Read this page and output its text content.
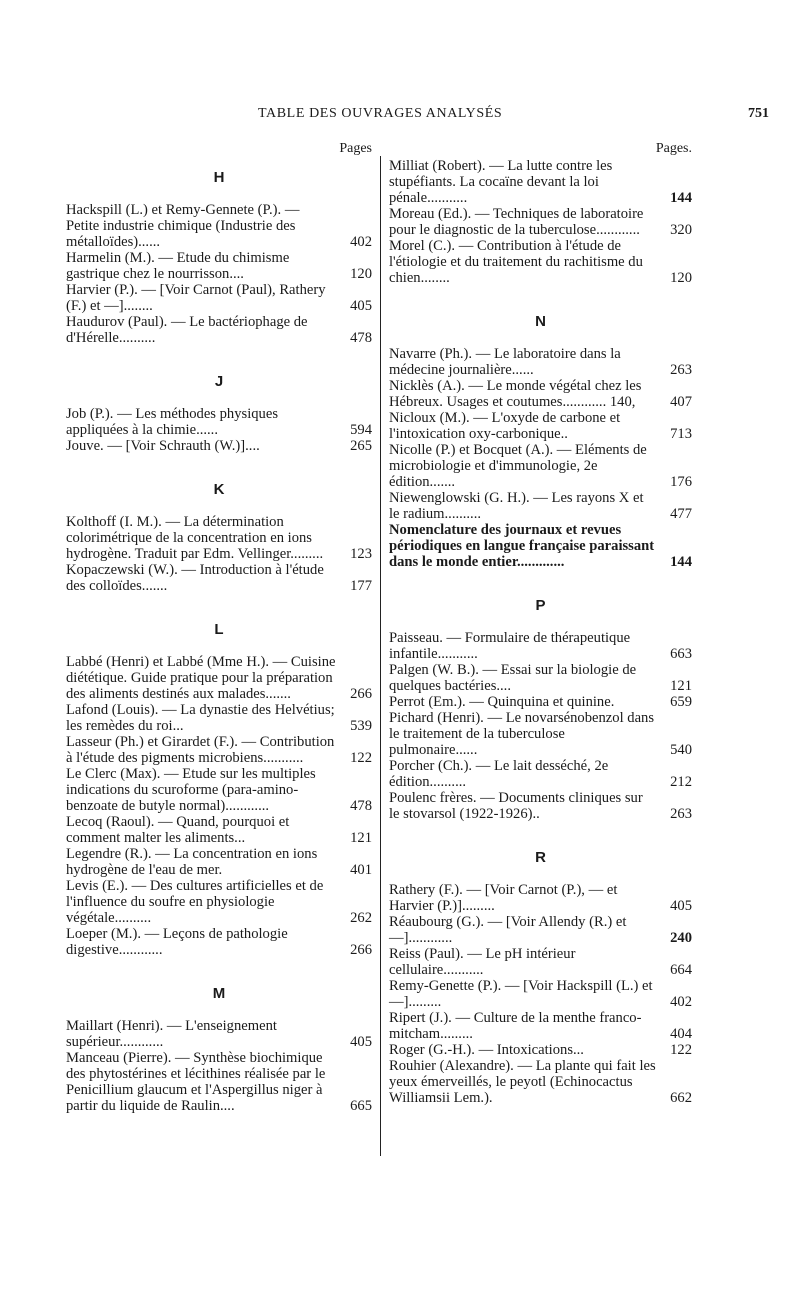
TABLE DES OUVRAGES ANALYSÉS	751
Pages
H
Hackspill (L.) et Remy-Gennete (P.). — Petite industrie chimique (Industrie des métalloïdes)......	402
Harmelin (M.). — Etude du chimisme gastrique chez le nourrisson....	120
Harvier (P.). — [Voir Carnot (Paul), Rathery (F.) et —]........	405
Haudurov (Paul). — Le bactériophage de d'Hérelle..........	478
J
Job (P.). — Les méthodes physiques appliquées à la chimie......	594
Jouve. — [Voir Schrauth (W.)]....	265
K
Kolthoff (I. M.). — La détermination colorimétrique de la concentration en ions hydrogène. Traduit par Edm. Vellinger......... 123
Kopaczewski (W.). — Introduction à l'étude des colloïdes.......	177
L
Labbé (Henri) et Labbé (Mme H.). — Cuisine diététique. Guide pratique pour la préparation des aliments destinés aux malades.......	266
Lafond (Louis). — La dynastie des Helvétius; les remèdes du roi...	539
Lasseur (Ph.) et Girardet (F.). — Contribution à l'étude des pigments microbiens...........	122
Le Clerc (Max). — Etude sur les multiples indications du scuroforme (para-amino-benzoate de butyle normal)............	478
Lecoq (Raoul). — Quand, pourquoi et comment malter les aliments...	121
Legendre (R.). — La concentration en ions hydrogène de l'eau de mer.	401
Levis (E.). — Des cultures artificielles et de l'influence du soufre en physiologie végétale..........	262
Loeper (M.). — Leçons de pathologie digestive............	266
M
Maillart (Henri). — L'enseignement supérieur............	405
Manceau (Pierre). — Synthèse biochimique des phytostérines et lécithines réalisée par le Penicillium glaucum et l'Aspergillus niger à partir du liquide de Raulin....	665
Pages.
Milliat (Robert). — La lutte contre les stupéfiants. La cocaïne devant la loi pénale...........	144
Moreau (Ed.). — Techniques de laboratoire pour le diagnostic de la tuberculose............ 320
Morel (C.). — Contribution à l'étude de l'étiologie et du traitement du rachitisme du chien........	120
N
Navarre (Ph.). — Le laboratoire dans la médecine journalière......	263
Nicklès (A.). — Le monde végétal chez les Hébreux. Usages et coutumes............ 140, 407
Nicloux (M.). — L'oxyde de carbone et l'intoxication oxy-carbonique..	713
Nicolle (P.) et Bocquet (A.). — Eléments de microbiologie et d'immunologie, 2e édition.......	176
Niewenglowski (G. H.). — Les rayons X et le radium..........	477
Nomenclature des journaux et revues périodiques en langue française paraissant dans le monde entier.............	144
P
Paisseau. — Formulaire de thérapeutique infantile...........	663
Palgen (W. B.). — Essai sur la biologie de quelques bactéries....	121
Perrot (Em.). — Quinquina et quinine.	659
Pichard (Henri). — Le novarsénobenzol dans le traitement de la tuberculose pulmonaire......	540
Porcher (Ch.). — Le lait desséché, 2e édition..........	212
Poulenc frères. — Documents cliniques sur le stovarsol (1922-1926)..	263
R
Rathery (F.). — [Voir Carnot (P.), — et Harvier (P.)].........	405
Réaubourg (G.). — [Voir Allendy (R.) et —]............	240
Reiss (Paul). — Le pH intérieur cellulaire...........	664
Remy-Genette (P.). — [Voir Hackspill (L.) et —].........	402
Ripert (J.). — Culture de la menthe franco-mitcham.........	404
Roger (G.-H.). — Intoxications...	122
Rouhier (Alexandre). — La plante qui fait les yeux émerveillés, le peyotl (Echinocactus Williamsii Lem.).	662
